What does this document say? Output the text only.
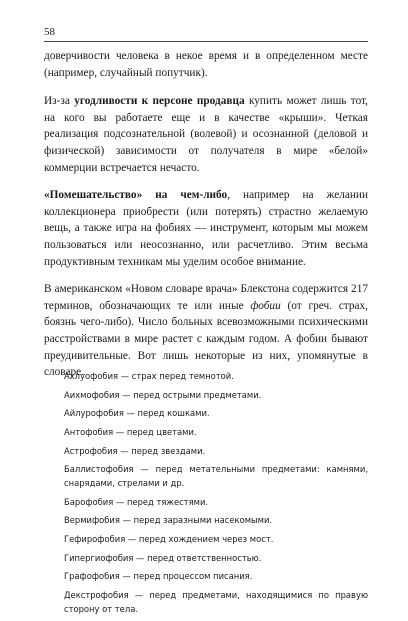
58

доверчивости человека в некое время и в определенном месте (например, случайный попутчик).

Из-за угодливости к персоне продавца купить может лишь тот, на кого вы работаете еще и в качестве «крыши». Четкая реализация подсознательной (волевой) и осознанной (деловой и физической) зависимости от получателя в мире «белой» коммерции встречается нечасто.

«Помешательство» на чем-либо, например на желании коллекционера приобрести (или потерять) страстно желаемую вещь, а также игра на фобиях — инструмент, которым мы можем пользоваться или неосознанно, или расчетливо. Этим весьма продуктивным техникам мы уделим особое внимание.

В американском «Новом словаре врача» Блекстона содержится 217 терминов, обозначающих те или иные фобии (от греч. страх, боязнь чего-либо). Число больных всевозможными психическими расстройствами в мире растет с каждым годом. А фобии бывают преудивительные. Вот лишь некоторые из них, упомянутые в словаре.

Ахлуофобия — страх перед темнотой.
Аихмофобия — перед острыми предметами.
Айлурофобия — перед кошками.
Антофобия — перед цветами.
Астрофобия — перед звездами.
Баллистофобия — перед метательными предметами: камнями, снарядами, стрелами и др.
Барофобия — перед тяжестями.
Вермифобия — перед заразными насекомыми.
Гефирофобия — перед хождением через мост.
Гипергиофобия — перед ответственностью.
Графофобия — перед процессом писания.
Декстрофобия — перед предметами, находящимися по правую сторону от тела.
